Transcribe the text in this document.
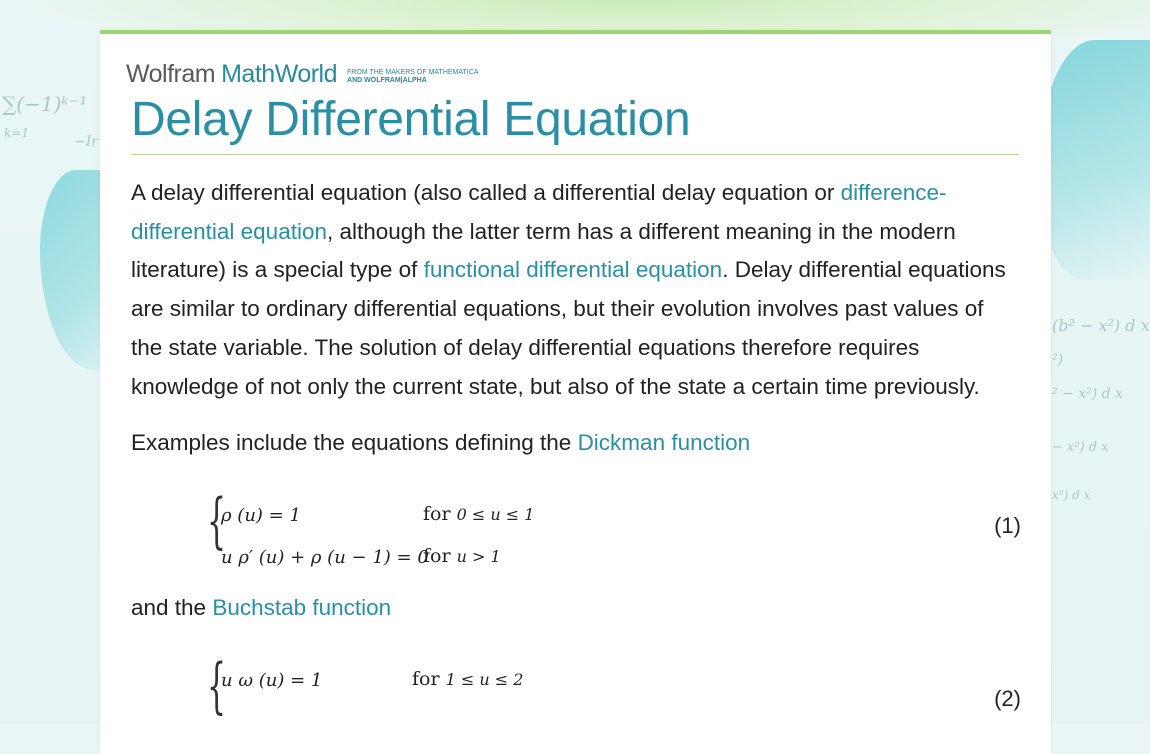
∑(−1)ᵏ⁻¹
k=1
−Ir
(b² − x²) d x
²)
² − x²) d x
− x²) d x
x²) d x
Wolfram MathWorld FROM THE MAKERS OF MATHEMATICA
AND WOLFRAM|ALPHA
Delay Differential Equation

A delay differential equation (also called a differential delay equation or difference-differential equation, although the latter term has a different meaning in the modern literature) is a special type of functional differential equation. Delay differential equations are similar to ordinary differential equations, but their evolution involves past values of the state variable. The solution of delay differential equations therefore requires knowledge of not only the current state, but also of the state a certain time previously.

Examples include the equations defining the Dickman function

{
ρ (u) = 1	for 0 ≤ u ≤ 1
u ρ′ (u) + ρ (u − 1) = 0
for u > 1
(1)

and the Buchstab function

{
u ω (u) = 1	for 1 ≤ u ≤ 2
(2)
